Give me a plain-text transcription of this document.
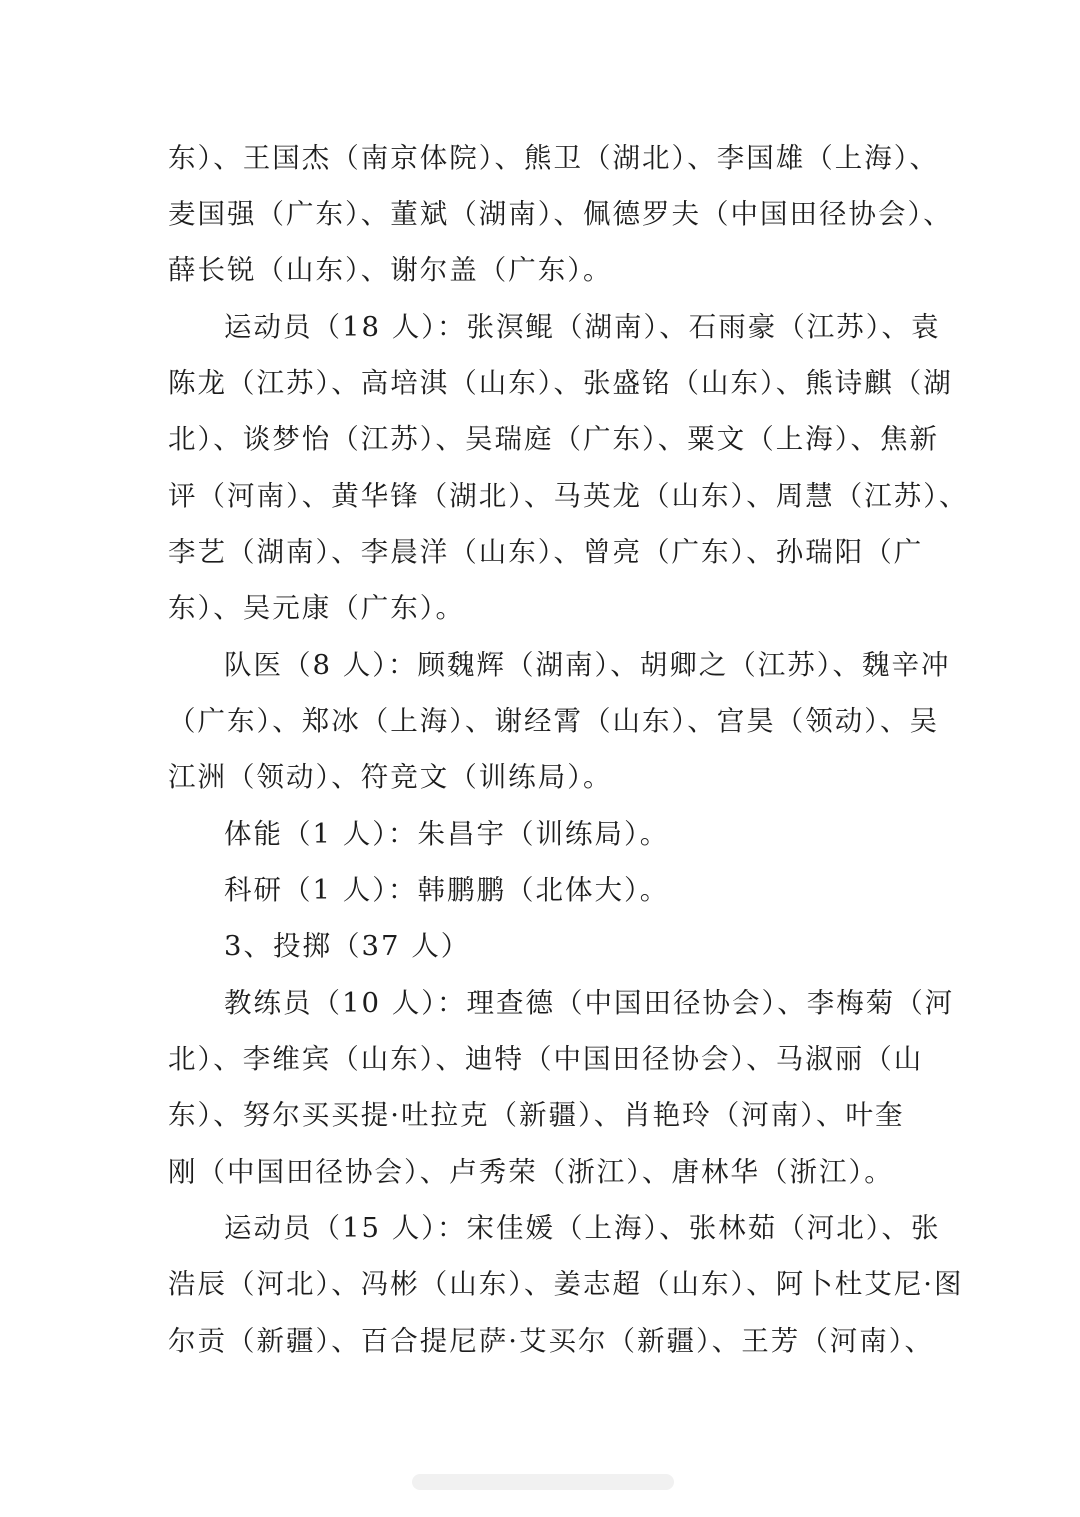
东）、王国杰（南京体院）、熊卫（湖北）、李国雄（上海）、
麦国强（广东）、董斌（湖南）、佩德罗夫（中国田径协会）、
薛长锐（山东）、谢尔盖（广东）。
运动员（18 人）：张溟鲲（湖南）、石雨豪（江苏）、袁
陈龙（江苏）、高培淇（山东）、张盛铭（山东）、熊诗麒（湖
北）、谈梦怡（江苏）、吴瑞庭（广东）、粟文（上海）、焦新
评（河南）、黄华锋（湖北）、马英龙（山东）、周慧（江苏）、
李艺（湖南）、李晨洋（山东）、曾亮（广东）、孙瑞阳（广
东）、吴元康（广东）。
队医（8 人）：顾魏辉（湖南）、胡卿之（江苏）、魏辛冲
（广东）、郑冰（上海）、谢经霄（山东）、宫昊（领动）、吴
江洲（领动）、符竞文（训练局）。
体能（1 人）：朱昌宇（训练局）。
科研（1 人）：韩鹏鹏（北体大）。
3、投掷（37 人）
教练员（10 人）：理查德（中国田径协会）、李梅菊（河
北）、李维宾（山东）、迪特（中国田径协会）、马淑丽（山
东）、努尔买买提·吐拉克（新疆）、肖艳玲（河南）、叶奎
刚（中国田径协会）、卢秀荣（浙江）、唐林华（浙江）。
运动员（15 人）：宋佳媛（上海）、张林茹（河北）、张
浩辰（河北）、冯彬（山东）、姜志超（山东）、阿卜杜艾尼·图
尔贡（新疆）、百合提尼萨·艾买尔（新疆）、王芳（河南）、
